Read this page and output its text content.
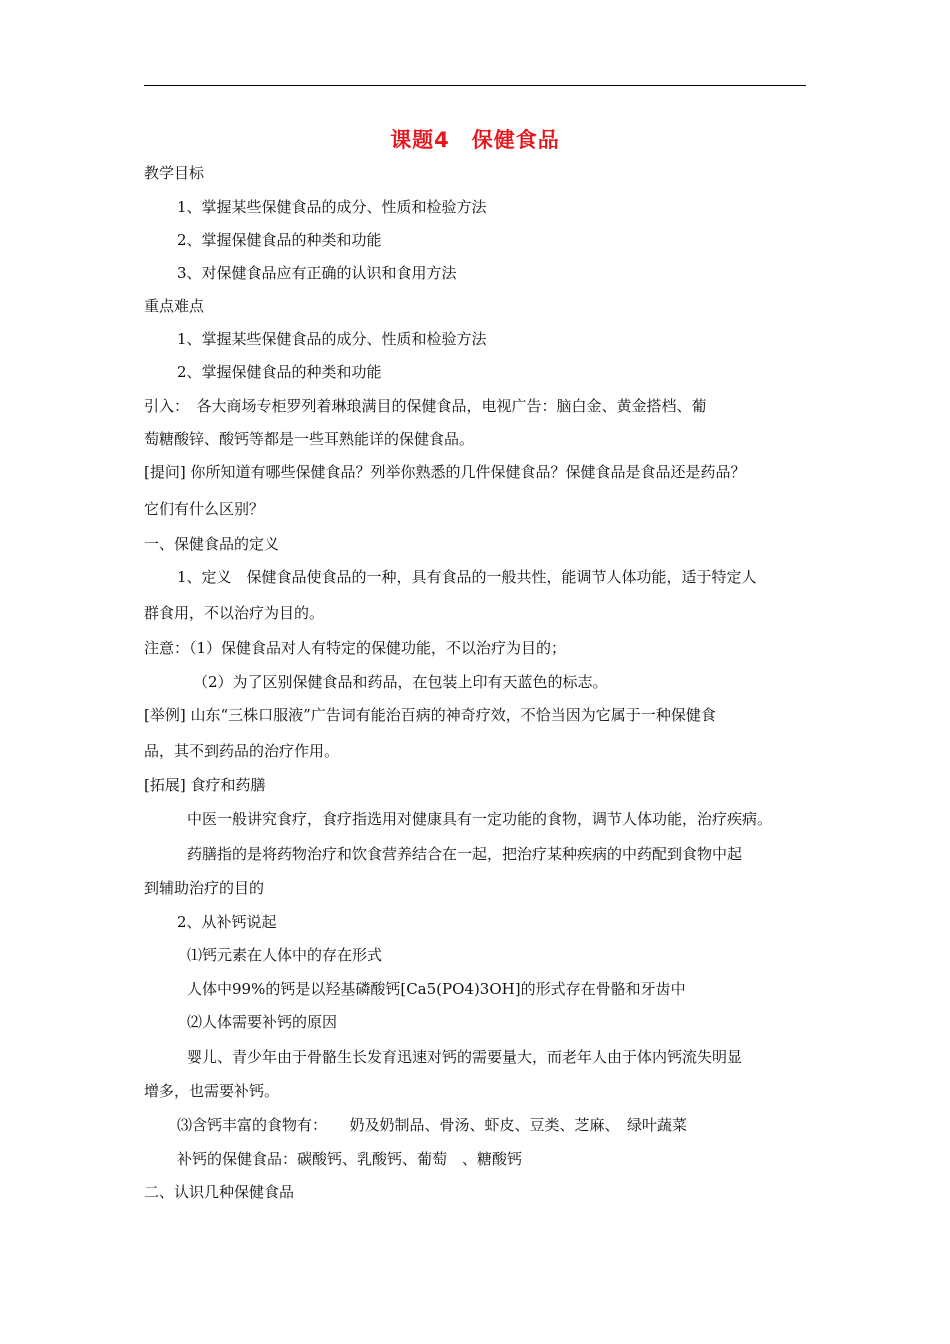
课题4　保健食品
教学目标
1、掌握某些保健食品的成分、性质和检验方法
2、掌握保健食品的种类和功能
3、对保健食品应有正确的认识和食用方法
重点难点
1、掌握某些保健食品的成分、性质和检验方法
2、掌握保健食品的种类和功能
引入：　各大商场专柜罗列着琳琅满目的保健食品，电视广告：脑白金、黄金搭档、葡
萄糖酸锌、酸钙等都是一些耳熟能详的保健食品。
[提问] 你所知道有哪些保健食品？列举你熟悉的几件保健食品？保健食品是食品还是药品？
它们有什么区别？
一、保健食品的定义
1、定义　保健食品使食品的一种，具有食品的一般共性，能调节人体功能，适于特定人
群食用，不以治疗为目的。
注意：（1）保健食品对人有特定的保健功能，不以治疗为目的；
（2）为了区别保健食品和药品，在包装上印有天蓝色的标志。
[举例] 山东“三株口服液”广告词有能治百病的神奇疗效，不恰当因为它属于一种保健食
品，其不到药品的治疗作用。
[拓展] 食疗和药膳
中医一般讲究食疗，食疗指选用对健康具有一定功能的食物，调节人体功能，治疗疾病。
药膳指的是将药物治疗和饮食营养结合在一起，把治疗某种疾病的中药配到食物中起
到辅助治疗的目的
2、从补钙说起
⑴钙元素在人体中的存在形式
人体中99%的钙是以羟基磷酸钙[Ca5(PO4)3OH]的形式存在骨骼和牙齿中
⑵人体需要补钙的原因
婴儿、青少年由于骨骼生长发育迅速对钙的需要量大，而老年人由于体内钙流失明显
增多，也需要补钙。
⑶含钙丰富的食物有：　　奶及奶制品、骨汤、虾皮、豆类、芝麻、　绿叶蔬菜
补钙的保健食品：碳酸钙、乳酸钙、葡萄　、糖酸钙
二、认识几种保健食品
